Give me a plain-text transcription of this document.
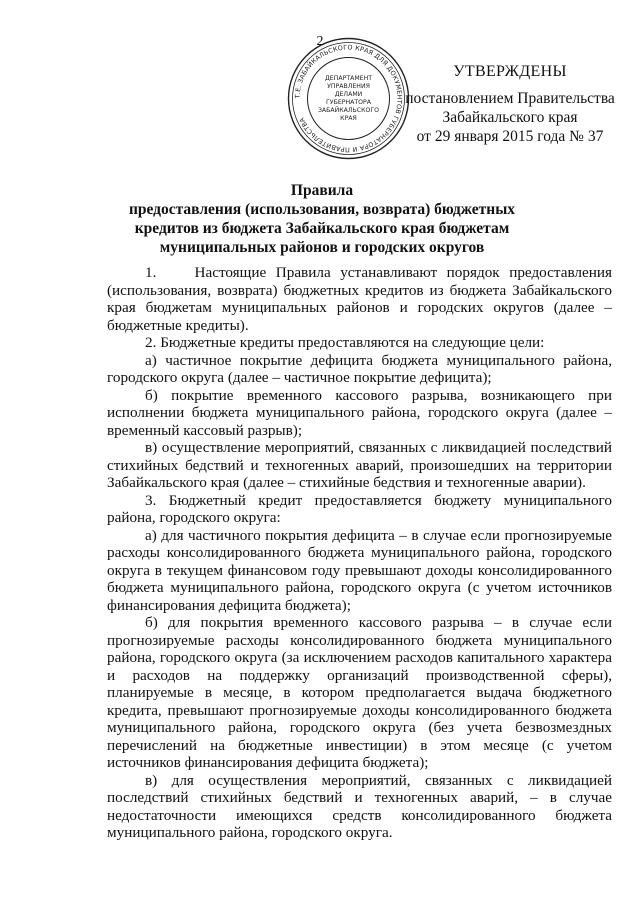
2
Т.Е. ЗАБАЙКАЛЬСКОГО КРАЯ ДЛЯ ДОКУМЕНТОВ ГУБЕРНАТОРА И ПРАВИТЕЛЬСТВА
ДЕПАРТАМЕНТ
УПРАВЛЕНИЯ
ДЕЛАМИ
ГУБЕРНАТОРА
ЗАБАЙКАЛЬСКОГО
КРАЯ
УТВЕРЖДЕНЫ
постановлением Правительства
Забайкальского края
от 29 января 2015 года № 37
Правила
предоставления (использования, возврата) бюджетных кредитов из бюджета Забайкальского края бюджетам муниципальных районов и городских округов

1.    Настоящие Правила устанавливают порядок предоставления (использования, возврата) бюджетных кредитов из бюджета Забайкальского края бюджетам муниципальных районов и городских округов (далее – бюджетные кредиты).

2. Бюджетные кредиты предоставляются на следующие цели:

а) частичное покрытие дефицита бюджета муниципального района, городского округа (далее – частичное покрытие дефицита);

б) покрытие временного кассового разрыва, возникающего при исполнении бюджета муниципального района, городского округа (далее – временный кассовый разрыв);

в) осуществление мероприятий, связанных с ликвидацией последствий стихийных бедствий и техногенных аварий, произошедших на территории Забайкальского края (далее – стихийные бедствия и техногенные аварии).

3. Бюджетный кредит предоставляется бюджету муниципального района, городского округа:

а) для частичного покрытия дефицита – в случае если прогнозируемые расходы консолидированного бюджета муниципального района, городского округа в текущем финансовом году превышают доходы консолидированного бюджета муниципального района, городского округа (с учетом источников финансирования дефицита бюджета);

б) для покрытия временного кассового разрыва – в случае если прогнозируемые расходы консолидированного бюджета муниципального района, городского округа (за исключением расходов капитального характера и расходов на поддержку организаций производственной сферы), планируемые в месяце, в котором предполагается выдача бюджетного кредита, превышают прогнозируемые доходы консолидированного бюджета муниципального района, городского округа (без учета безвозмездных перечислений на бюджетные инвестиции) в этом месяце (с учетом источников финансирования дефицита бюджета);

в) для осуществления мероприятий, связанных с ликвидацией последствий стихийных бедствий и техногенных аварий, – в случае недостаточности имеющихся средств консолидированного бюджета муниципального района, городского округа.
